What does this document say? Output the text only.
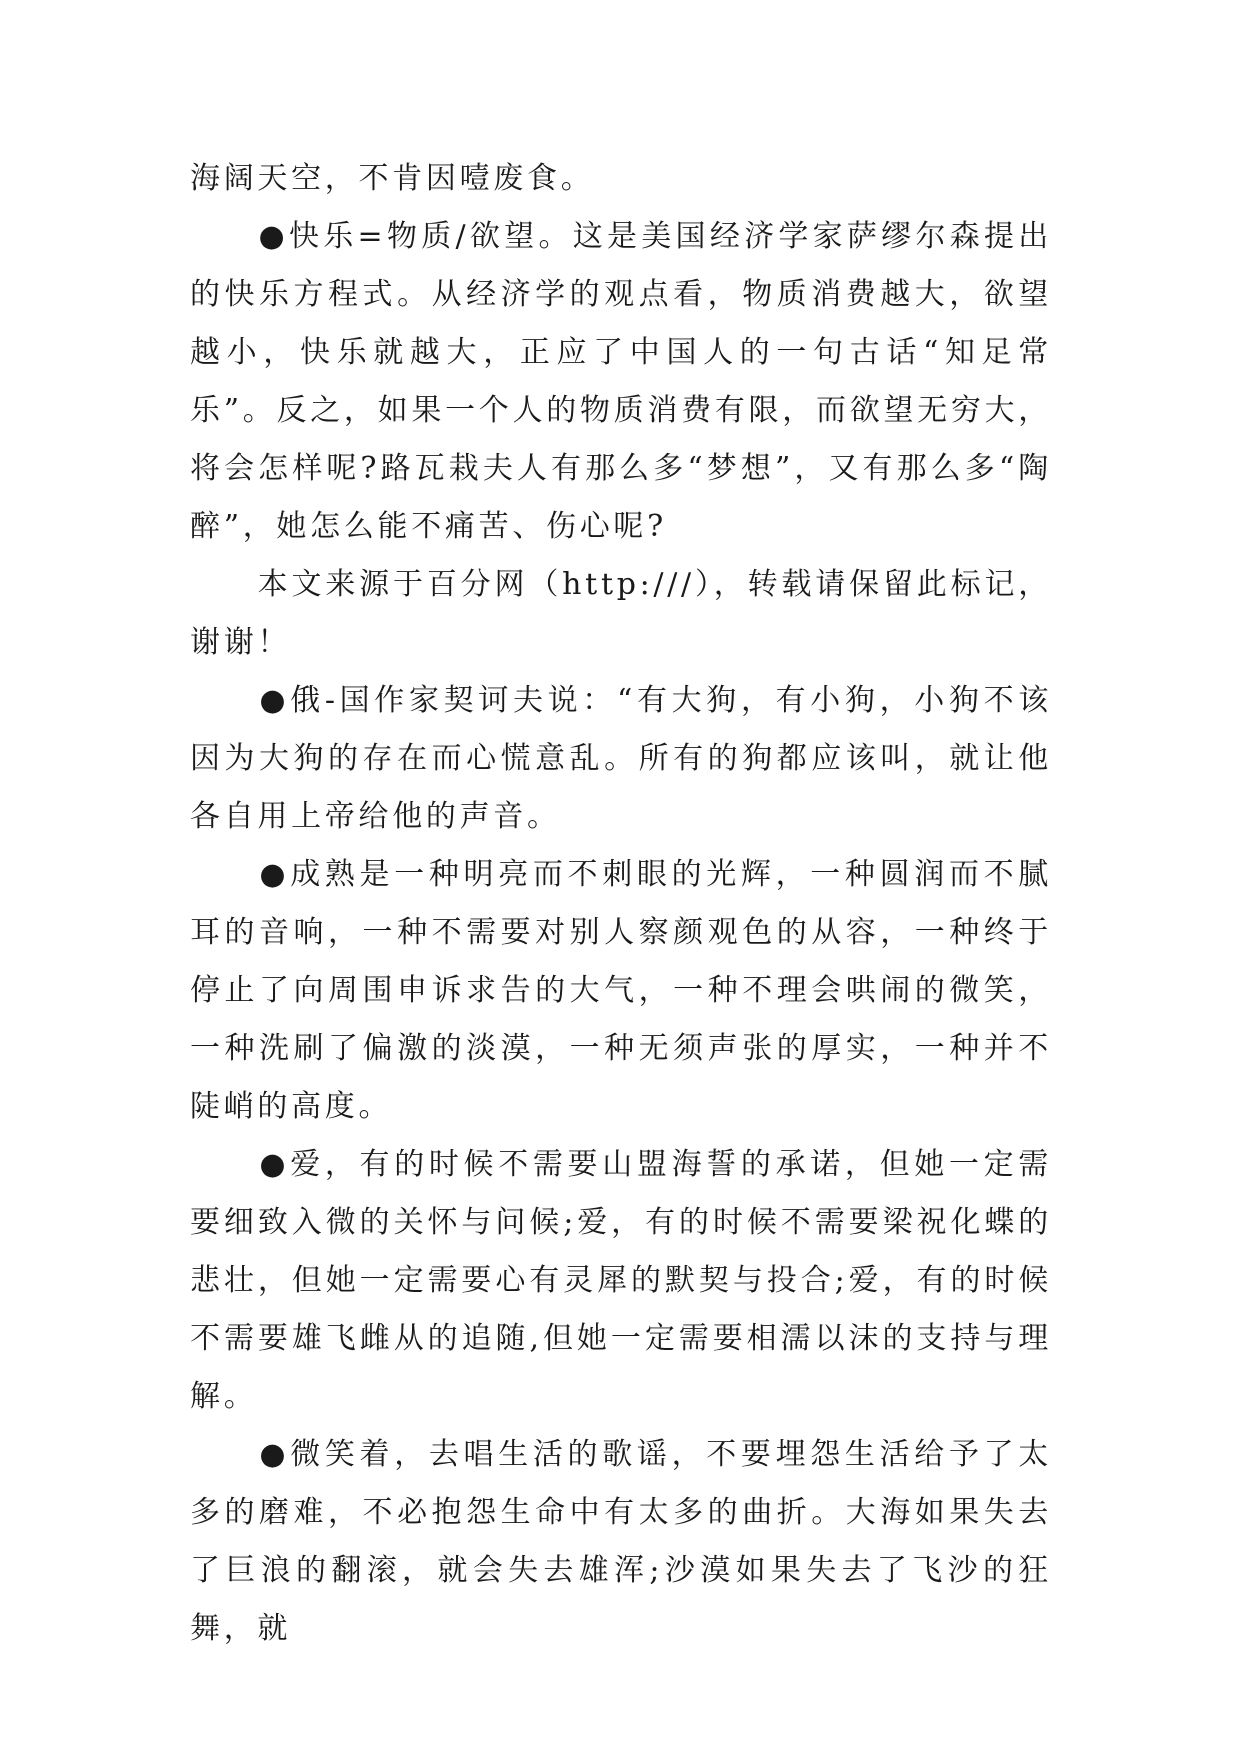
海阔天空，不肯因噎废食。

　　●快乐=物质/欲望。这是美国经济学家萨缪尔森提出的快乐方程式。从经济学的观点看，物质消费越大，欲望越小，快乐就越大，正应了中国人的一句古话“知足常乐”。反之，如果一个人的物质消费有限，而欲望无穷大，将会怎样呢?路瓦栽夫人有那么多“梦想”，又有那么多“陶醉”，她怎么能不痛苦、伤心呢?

　　本文来源于百分网（http:///），转载请保留此标记，谢谢！

　　●俄-国作家契诃夫说：“有大狗，有小狗，小狗不该因为大狗的存在而心慌意乱。所有的狗都应该叫，就让他各自用上帝给他的声音。

　　●成熟是一种明亮而不刺眼的光辉，一种圆润而不腻耳的音响，一种不需要对别人察颜观色的从容，一种终于停止了向周围申诉求告的大气，一种不理会哄闹的微笑，一种洗刷了偏激的淡漠，一种无须声张的厚实，一种并不陡峭的高度。

　　●爱，有的时候不需要山盟海誓的承诺，但她一定需要细致入微的关怀与问候;爱，有的时候不需要梁祝化蝶的悲壮，但她一定需要心有灵犀的默契与投合;爱，有的时候不需要雄飞雌从的追随,但她一定需要相濡以沫的支持与理解。

　　●微笑着，去唱生活的歌谣，不要埋怨生活给予了太多的磨难，不必抱怨生命中有太多的曲折。大海如果失去了巨浪的翻滚，就会失去雄浑;沙漠如果失去了飞沙的狂舞，就
